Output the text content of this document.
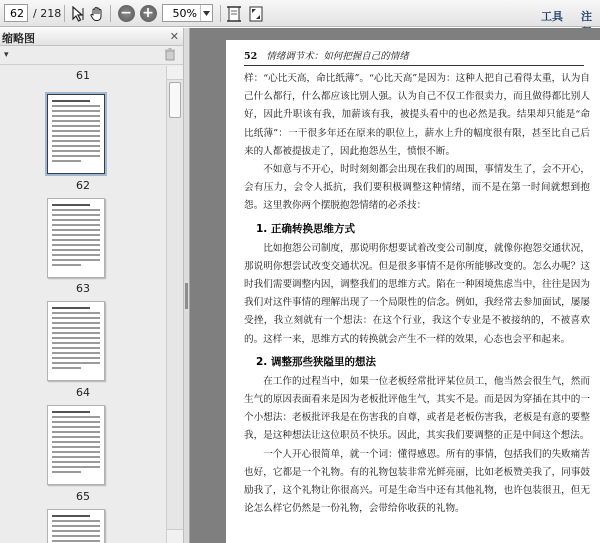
62
/ 218	− +	50%	工具 注
缩略图	✕
▾
61
62
63
64
65
52 情绪调节术：如何把握自己的情绪

样：“心比天高，命比纸薄”。“心比天高”是因为：这种人把自己看得太重，认为自己什么都行，什么都应该比别人强。认为自己不仅工作很卖力，而且做得都比别人好，因此升职该有我，加薪该有我，被提头看中的也必然是我。结果却只能是“命比纸薄”：一干很多年还在原来的职位上，薪水上升的幅度很有限，甚至比自己后来的人都被提拔走了，因此抱怨丛生，愤恨不断。

不如意与不开心，时时刻刻都会出现在我们的周围，事情发生了，会不开心，会有压力，会令人抵抗，我们要积极调整这种情绪，而不是在第一时间就想到抱怨。这里教你两个摆脱抱怨情绪的必杀技：

1. 正确转换思维方式

比如抱怨公司制度，那说明你想要试着改变公司制度，就像你抱怨交通状况，那说明你想尝试改变交通状况。但是很多事情不是你所能够改变的。怎么办呢？这时我们需要调整内因，调整我们的思维方式。陷在一种困境焦虑当中，往往是因为我们对这件事情的理解出现了一个局限性的信念。例如，我经常去参加面试，屡屡受挫，我立刻就有一个想法：在这个行业，我这个专业是不被接纳的，不被喜欢的。这样一来，思维方式的转换就会产生不一样的效果，心态也会平和起来。

2. 调整那些狭隘里的想法

在工作的过程当中，如果一位老板经常批评某位员工，他当然会很生气，然而生气的原因表面看来是因为老板批评他生气，其实不是。而是因为穿插在其中的一个小想法：老板批评我是在伤害我的自尊，或者是老板伤害我，老板是有意的要整我，是这种想法让这位职员不快乐。因此，其实我们要调整的正是中间这个想法。

一个人开心很简单，就一个词：懂得感恩。所有的事情，包括我们的失败痛苦也好，它都是一个礼物。有的礼物包装非常光鲜亮丽，比如老板赞美我了，同事鼓励我了，这个礼物让你很高兴。可是生命当中还有其他礼物，也许包装很丑，但无论怎么样它仍然是一份礼物，会带给你收获的礼物。
